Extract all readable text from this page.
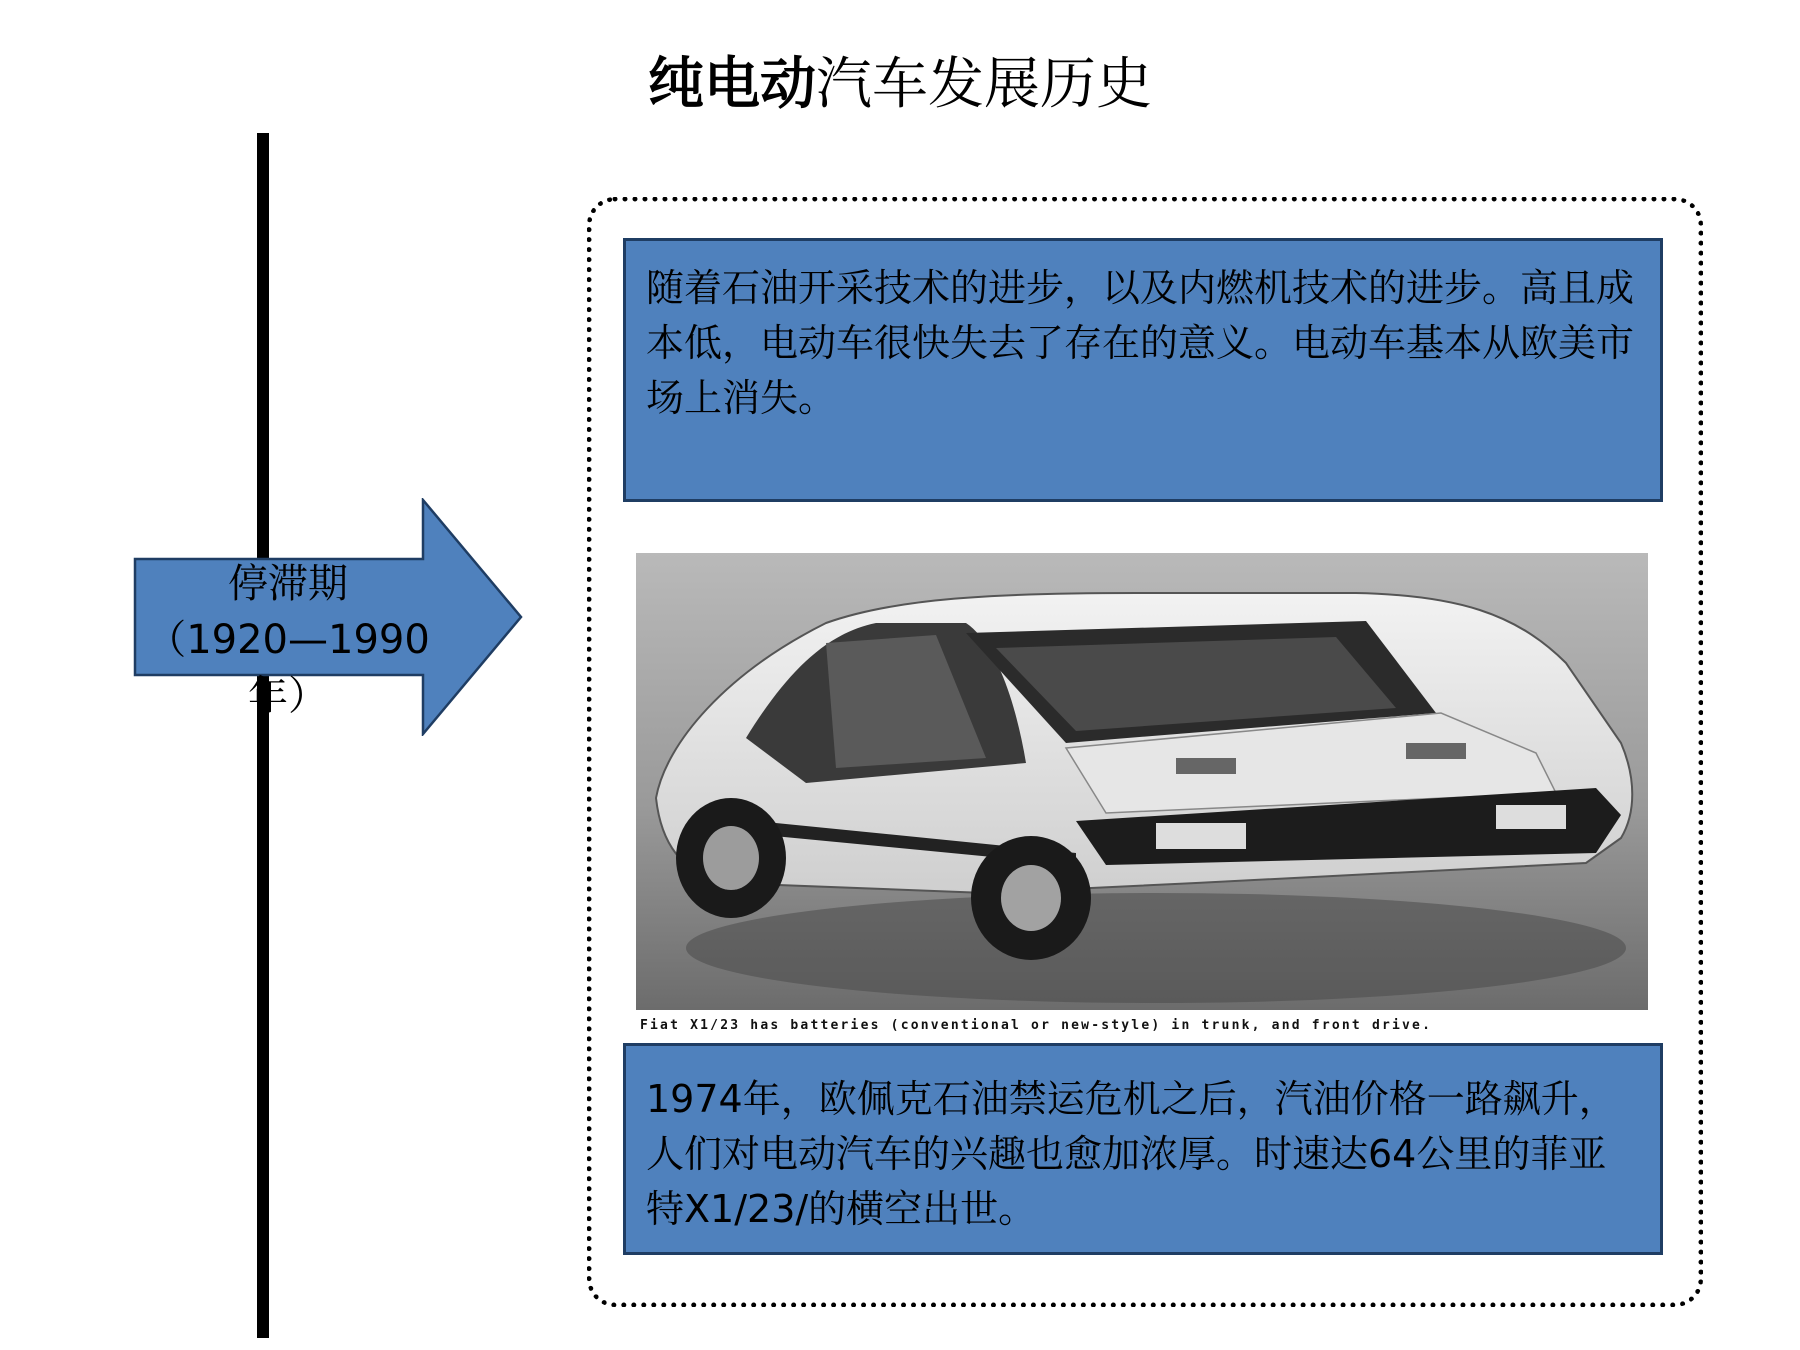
纯电动汽车发展历史
停滞期
（1920—1990年）
随着石油开采技术的进步，以及内燃机技术的进步。高且成本低，电动车很快失去了存在的意义。电动车基本从欧美市场上消失。
Fiat X1/23 has batteries (conventional or new-style) in trunk, and front drive.
1974年，欧佩克石油禁运危机之后，汽油价格一路飙升，人们对电动汽车的兴趣也愈加浓厚。时速达64公里的菲亚特X1/23/的横空出世。
